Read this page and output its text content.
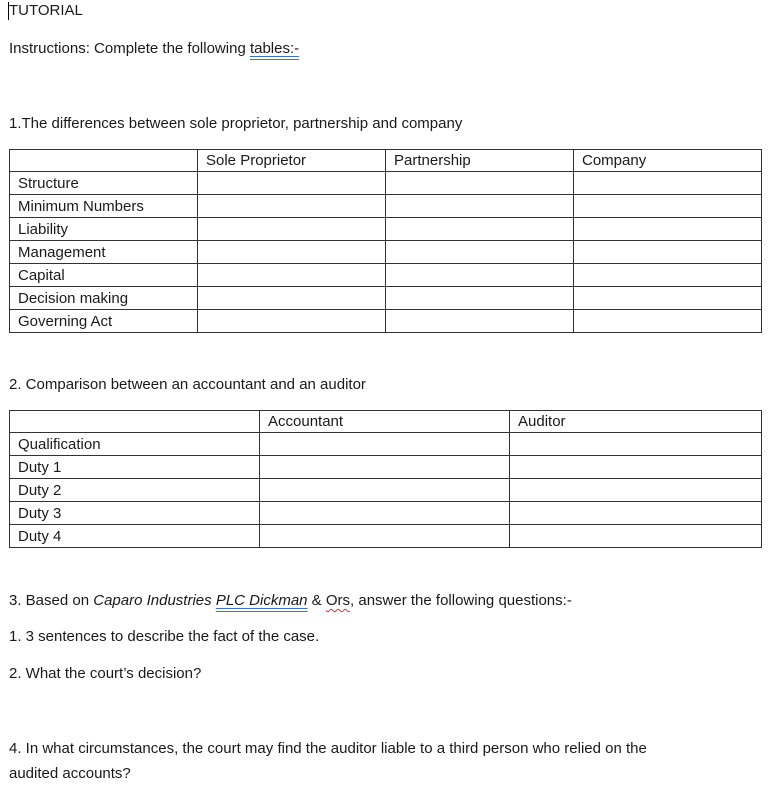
TUTORIAL
Instructions: Complete the following tables:-
1.The differences between sole proprietor, partnership and company
	Sole Proprietor	Partnership	Company
Structure			
Minimum Numbers			
Liability			
Management			
Capital			
Decision making			
Governing Act			
2. Comparison between an accountant and an auditor
	Accountant	Auditor
Qualification		
Duty 1		
Duty 2		
Duty 3		
Duty 4		
3. Based on Caparo Industries PLC Dickman & Ors, answer the following questions:-
1. 3 sentences to describe the fact of the case.
2. What the court’s decision?
4. In what circumstances, the court may find the auditor liable to a third person who relied on the
audited accounts?
